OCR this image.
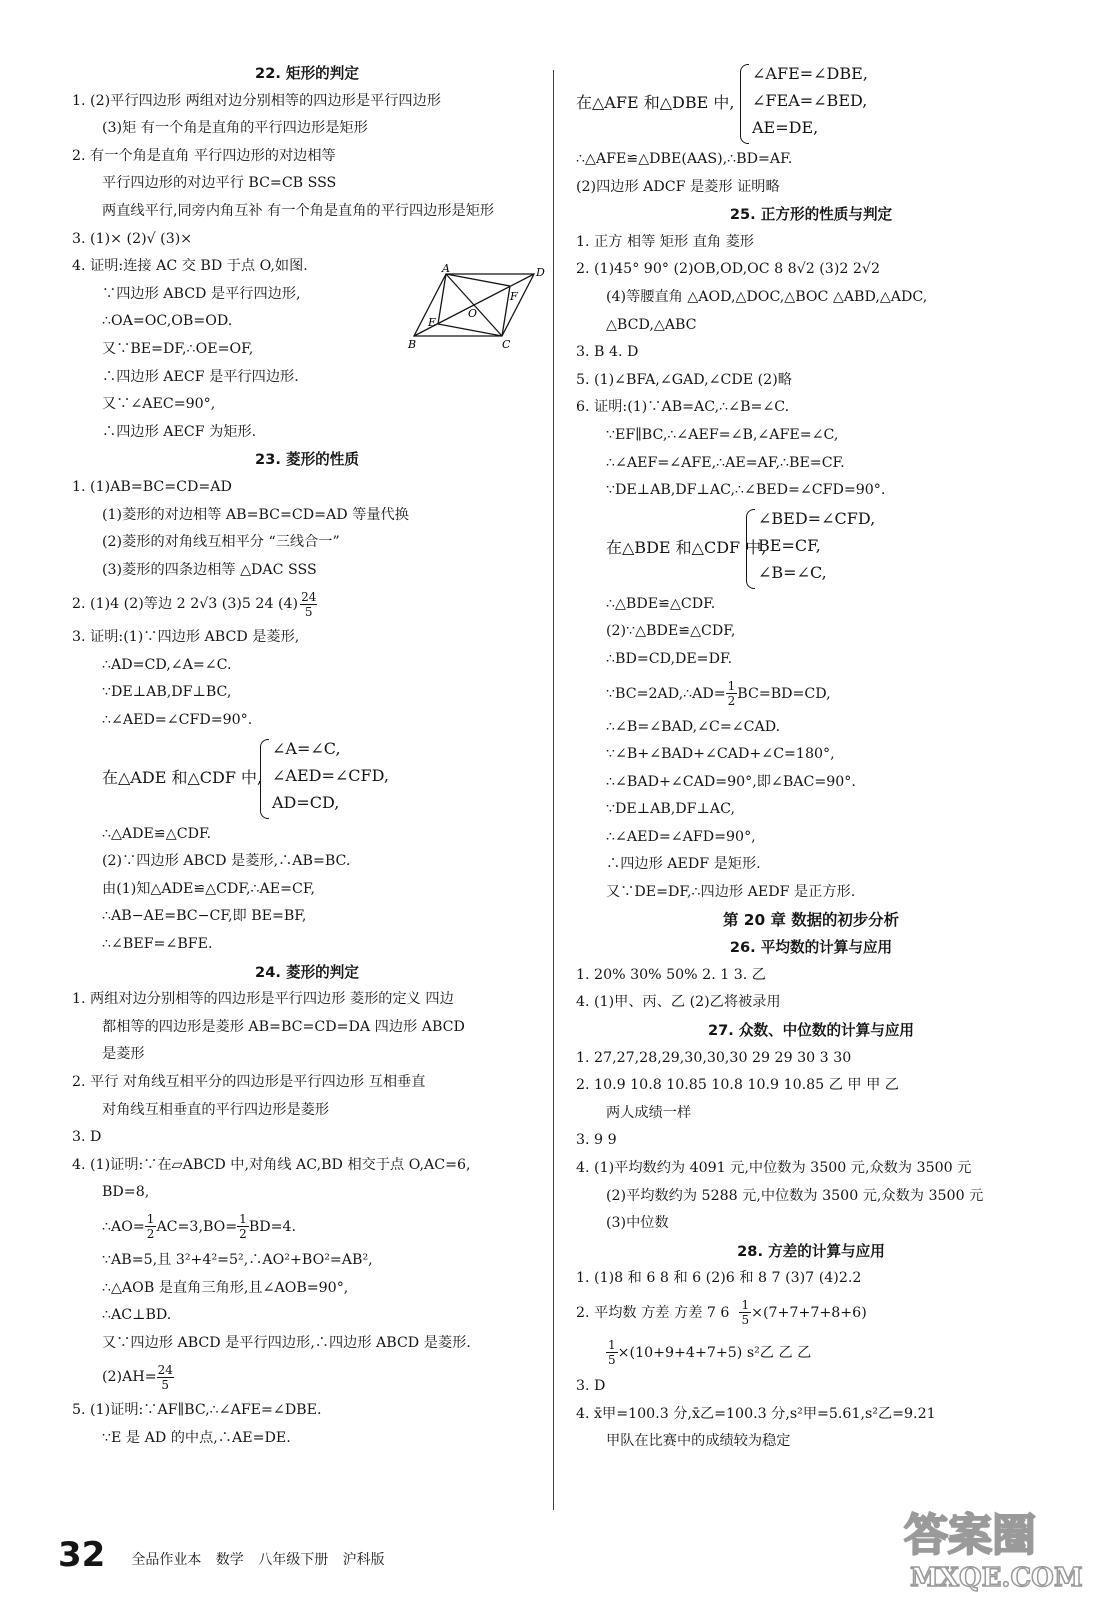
22. 矩形的判定
1. (2)平行四边形 两组对边分别相等的四边形是平行四边形
(3)矩 有一个角是直角的平行四边形是矩形
2. 有一个角是直角 平行四边形的对边相等
平行四边形的对边平行 BC=CB SSS
两直线平行,同旁内角互补 有一个角是直角的平行四边形是矩形
3. (1)× (2)√ (3)×
4. 证明:连接 AC 交 BD 于点 O,如图.
∵四边形 ABCD 是平行四边形,
∴OA=OC,OB=OD.
又∵BE=DF,∴OE=OF,
∴四边形 AECF 是平行四边形.
又∵∠AEC=90°,
∴四边形 AECF 为矩形.
23. 菱形的性质
1. (1)AB=BC=CD=AD
(1)菱形的对边相等 AB=BC=CD=AD 等量代换
(2)菱形的对角线互相平分 “三线合一”
(3)菱形的四条边相等 △DAC SSS
2. (1)4 (2)等边 2 2√3 (3)5 24 $(4) \frac{24}{5}$
3. 证明:(1)∵四边形 ABCD 是菱形,
∴AD=CD,∠A=∠C.
∵DE⊥AB,DF⊥BC,
∴∠AED=∠CFD=90°.
在△ADE 和△CDF 中,
∠A=∠C,
∠AED=∠CFD,
AD=CD,
∴△ADE≌△CDF.
(2)∵四边形 ABCD 是菱形,∴AB=BC.
由(1)知△ADE≌△CDF,∴AE=CF,
∴AB−AE=BC−CF,即 BE=BF,
∴∠BEF=∠BFE.
24. 菱形的判定
1. 两组对边分别相等的四边形是平行四边形 菱形的定义 四边
都相等的四边形是菱形 AB=BC=CD=DA 四边形 ABCD
是菱形
2. 平行 对角线互相平分的四边形是平行四边形 互相垂直
对角线互相垂直的平行四边形是菱形
3. D
4. (1)证明:∵在▱ABCD 中,对角线 AC,BD 相交于点 O,AC=6,
BD=8,
∴AO= $\frac{1}{2} AC=3,BO= \frac{1}{2} BD=4$.
∵AB=5,且 3²+4²=5²,∴AO²+BO²=AB²,
∴△AOB 是直角三角形,且∠AOB=90°,
∴AC⊥BD.
又∵四边形 ABCD 是平行四边形,∴四边形 ABCD 是菱形.
$(2)AH= \frac{24}{5}$
5. (1)证明:∵AF∥BC,∴∠AFE=∠DBE.
∵E 是 AD 的中点,∴AE=DE.
A	D
F
O
E
B	C
在△AFE 和△DBE 中,
∠AFE=∠DBE,
∠FEA=∠BED,
AE=DE,
∴△AFE≌△DBE(AAS),∴BD=AF.
(2)四边形 ADCF 是菱形 证明略
25. 正方形的性质与判定
1. 正方 相等 矩形 直角 菱形
2. (1)45° 90° (2)OB,OD,OC 8 8√2 (3)2 2√2
(4)等腰直角 △AOD,△DOC,△BOC △ABD,△ADC,
△BCD,△ABC
3. B 4. D
5. (1)∠BFA,∠GAD,∠CDE (2)略
6. 证明:(1)∵AB=AC,∴∠B=∠C.
∵EF∥BC,∴∠AEF=∠B,∠AFE=∠C,
∴∠AEF=∠AFE,∴AE=AF,∴BE=CF.
∵DE⊥AB,DF⊥AC,∴∠BED=∠CFD=90°.
在△BDE 和△CDF 中,
∠BED=∠CFD,
BE=CF,
∠B=∠C,
∴△BDE≌△CDF.
(2)∵△BDE≌△CDF,
∴BD=CD,DE=DF.
∵BC=2AD,∴AD= $\frac{1}{2} BC=BD=CD$,
∴∠B=∠BAD,∠C=∠CAD.
∵∠B+∠BAD+∠CAD+∠C=180°,
∴∠BAD+∠CAD=90°,即∠BAC=90°.
∵DE⊥AB,DF⊥AC,
∴∠AED=∠AFD=90°,
∴四边形 AEDF 是矩形.
又∵DE=DF,∴四边形 AEDF 是正方形.
第 20 章 数据的初步分析
26. 平均数的计算与应用
1. 20% 30% 50% 2. 1 3. 乙
4. (1)甲、丙、乙 (2)乙将被录用
27. 众数、中位数的计算与应用
1. 27,27,28,29,30,30,30 29 29 30 3 30
2. 10.9 10.8 10.85 10.8 10.9 10.85 乙 甲 甲 乙
两人成绩一样
3. 9 9
4. (1)平均数约为 4091 元,中位数为 3500 元,众数为 3500 元
(2)平均数约为 5288 元,中位数为 3500 元,众数为 3500 元
(3)中位数
28. 方差的计算与应用
1. (1)8 和 6 8 和 6 (2)6 和 8 7 (3)7 (4)2.2
2. 平均数 方差 方差 7 $6 \frac{1}{5} \times(7+7+7+8+6)$
$\frac{1}{5} \times(10+9+4+7+5)$ s²乙 乙 乙
3. D
4. x̄甲=100.3 分,x̄乙=100.3 分,s²甲=5.61,s²乙=9.21
甲队在比赛中的成绩较为稳定
32 全品作业本 数学 八年级下册 沪科版	答案圈
MXQE.COM
